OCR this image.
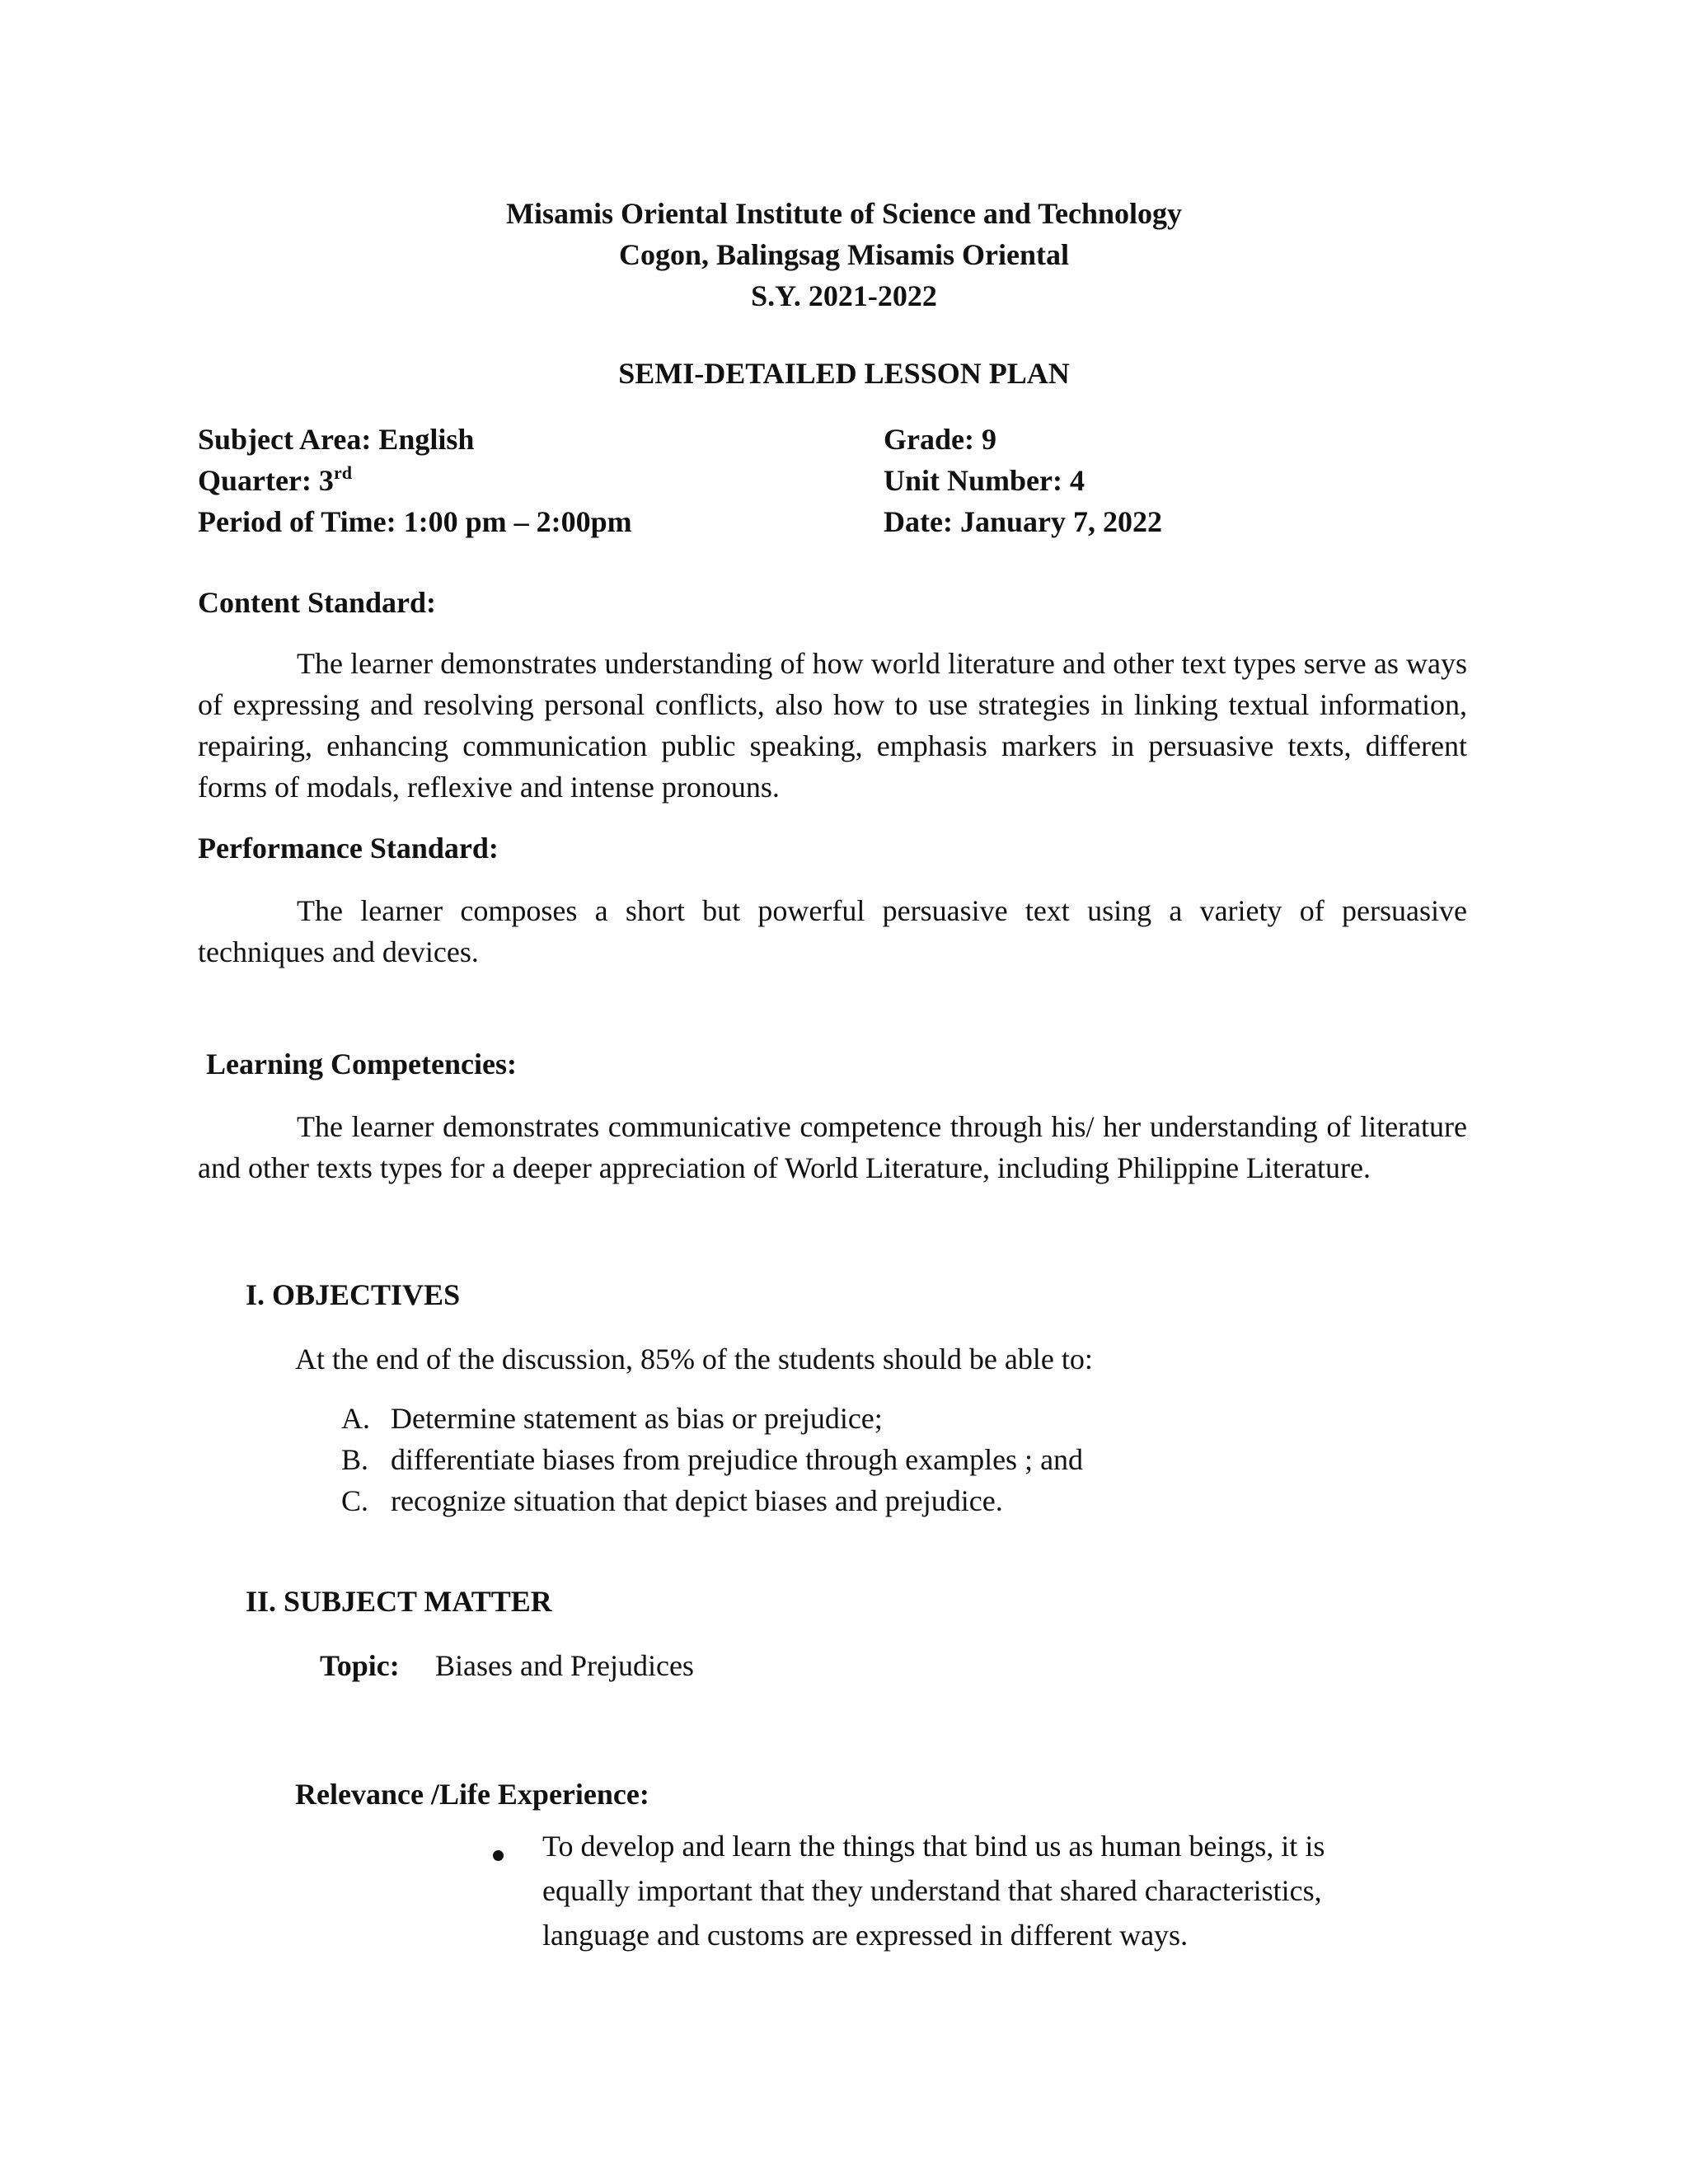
Misamis Oriental Institute of Science and Technology
Cogon, Balingsag Misamis Oriental
S.Y. 2021-2022
SEMI-DETAILED LESSON PLAN
Subject Area: English
Quarter: 3rd
Period of Time: 1:00 pm – 2:00pm
Grade: 9
Unit Number: 4
Date: January 7, 2022
Content Standard:
The learner demonstrates understanding of how world literature and other text types serve as ways of expressing and resolving personal conflicts, also how to use strategies in linking textual information, repairing, enhancing communication public speaking, emphasis markers in persuasive texts, different forms of modals, reflexive and intense pronouns.
Performance Standard:
The learner composes a short but powerful persuasive text using a variety of persuasive techniques and devices.
Learning Competencies:
The learner demonstrates communicative competence through his/ her understanding of literature and other texts types for a deeper appreciation of World Literature, including Philippine Literature.
I. OBJECTIVES
At the end of the discussion, 85% of the students should be able to:
A. Determine statement as bias or prejudice;
B. differentiate biases from prejudice through examples ; and
C. recognize situation that depict biases and prejudice.
II. SUBJECT MATTER
Topic: Biases and Prejudices
Relevance /Life Experience:
To develop and learn the things that bind us as human beings, it is equally important that they understand that shared characteristics, language and customs are expressed in different ways.
